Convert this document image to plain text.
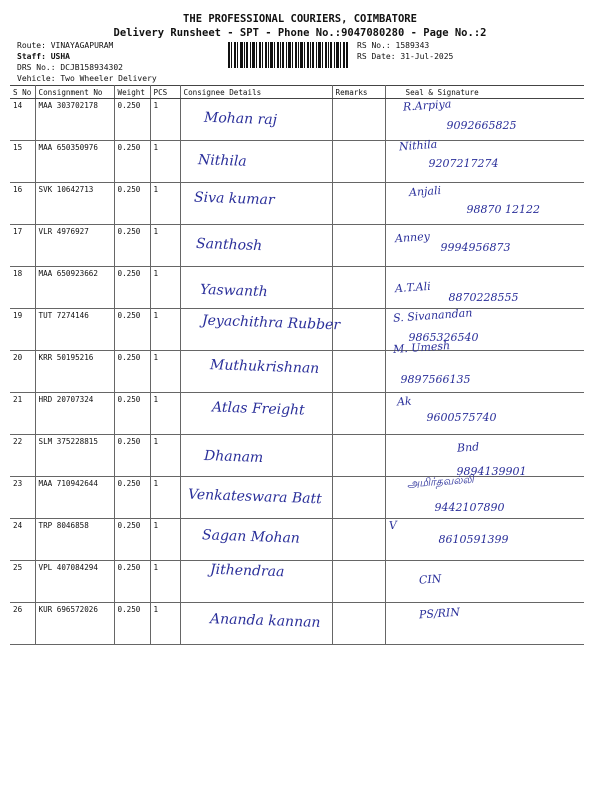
THE PROFESSIONAL COURIERS, COIMBATORE
Delivery Runsheet - SPT - Phone No.:9047080280 - Page No.:2
Route: VINAYAGAPURAM
Staff: USHA
DRS No.: DCJB158934302
Vehicle: Two Wheeler Delivery
RS No.: 1589343
RS Date: 31-Jul-2025
S No	Consignment No	Weight	PCS	Consignee Details	Remarks	Seal & Signature
14	MAA 303702178	0.250	1	Mohan raj		R.Arpiya
9092665825

15	MAA 650350976	0.250	1	Nithila		Nithila
9207217274

16	SVK 10642713	0.250	1	Siva kumar		Anjali
98870 12122

17	VLR 4976927	0.250	1	Santhosh		Anney
9994956873

18	MAA 650923662	0.250	1	Yaswanth		A.T.Ali
8870228555

19	TUT 7274146	0.250	1	Jeyachithra Rubber		S. Sivanandan
9865326540

20	KRR 50195216	0.250	1	Muthukrishnan		M. Umesh
9897566135

21	HRD 20707324	0.250	1	Atlas Freight		Ak
9600575740

22	SLM 375228815	0.250	1	Dhanam		Bnd
9894139901

23	MAA 710942644	0.250	1	Venkateswara Batt		அமிர்தவல்லி
9442107890

24	TRP 8046858	0.250	1	Sagan Mohan		V
8610591399

25	VPL 407084294	0.250	1	Jithendraa		CIN

26	KUR 696572026	0.250	1	Ananda kannan		PS/RIN
